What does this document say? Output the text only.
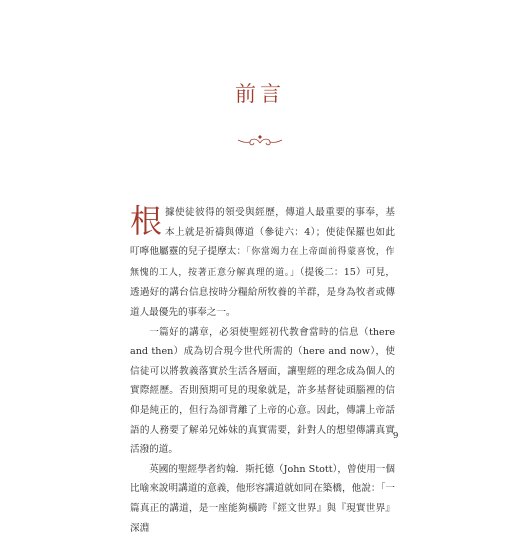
前言

根據使徒彼得的領受與經歷，傳道人最重要的事奉，基本上就是祈禱與傳道（參徒六：4）；使徒保羅也如此叮嚀他屬靈的兒子提摩太：「你當竭力在上帝面前得蒙喜悅，作無愧的工人，按著正意分解真理的道。」（提後二：15）可見，透過好的講台信息按時分糧給所牧養的羊群，是身為牧者或傳道人最優先的事奉之一。

一篇好的講章，必須使聖經初代教會當時的信息（there and then）成為切合現今世代所需的（here and now），使信徒可以將教義落實於生活各層面，讓聖經的理念成為個人的實際經歷。否則預期可見的現象就是，許多基督徒頭腦裡的信仰是純正的，但行為卻背離了上帝的心意。因此，傳講上帝話語的人務要了解弟兄姊妹的真實需要，針對人的想望傳講真實活潑的道。

英國的聖經學者約翰．斯托德（John Stott），曾使用一個比喻來說明講道的意義，他形容講道就如同在築橋，他說：「一篇真正的講道，是一座能夠橫跨『經文世界』與『現實世界』深淵

9
